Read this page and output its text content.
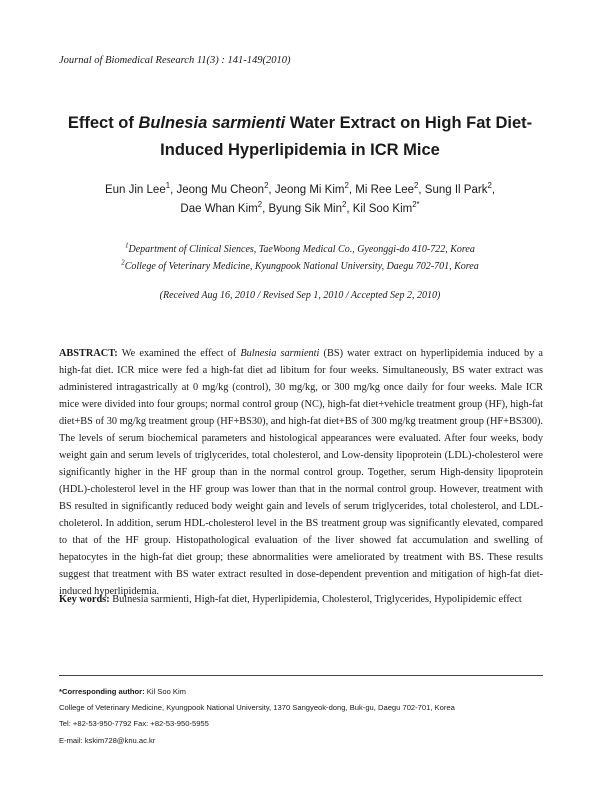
Journal of Biomedical Research 11(3) : 141-149(2010)
Effect of Bulnesia sarmienti Water Extract on High Fat Diet-
Induced Hyperlipidemia in ICR Mice
Eun Jin Lee$^1$, Jeong Mu Cheon$^2$, Jeong Mi Kim$^2$, Mi Ree Lee$^2$, Sung Il Park$^2$,
Dae Whan Kim$^2$, Byung Sik Min$^2$, Kil Soo Kim$^{2*}$
$^1$Department of Clinical Siences, TaeWoong Medical Co., Gyeonggi-do 410-722, Korea
$^2$College of Veterinary Medicine, Kyungpook National University, Daegu 702-701, Korea
(Received Aug 16, 2010 / Revised Sep 1, 2010 / Accepted Sep 2, 2010)
ABSTRACT: We examined the effect of Bulnesia sarmienti (BS) water extract on hyperlipidemia induced by a high-fat diet. ICR mice were fed a high-fat diet ad libitum for four weeks. Simultaneously, BS water extract was administered intragastrically at 0 mg/kg (control), 30 mg/kg, or 300 mg/kg once daily for four weeks. Male ICR mice were divided into four groups; normal control group (NC), high-fat diet+vehicle treatment group (HF), high-fat diet+BS of 30 mg/kg treatment group (HF+BS30), and high-fat diet+BS of 300 mg/kg treatment group (HF+BS300). The levels of serum biochemical parameters and histological appearances were evaluated. After four weeks, body weight gain and serum levels of triglycerides, total cholesterol, and Low-density lipoprotein (LDL)-cholesterol were significantly higher in the HF group than in the normal control group. Together, serum High-density lipoprotein (HDL)-cholesterol level in the HF group was lower than that in the normal control group. However, treatment with BS resulted in significantly reduced body weight gain and levels of serum triglycerides, total cholesterol, and LDL-choleterol. In addition, serum HDL-cholesterol level in the BS treatment group was significantly elevated, compared to that of the HF group. Histopathological evaluation of the liver showed fat accumulation and swelling of hepatocytes in the high-fat diet group; these abnormalities were ameliorated by treatment with BS. These results suggest that treatment with BS water extract resulted in dose-dependent prevention and mitigation of high-fat diet-induced hyperlipidemia.
Key words: Bulnesia sarmienti, High-fat diet, Hyperlipidemia, Cholesterol, Triglycerides, Hypolipidemic effect
*Corresponding author: Kil Soo Kim
College of Veterinary Medicine, Kyungpook National University, 1370 Sangyeok-dong, Buk-gu, Daegu 702-701, Korea
Tel: +82-53-950-7792 Fax: +82-53-950-5955
E-mail: kskim728@knu.ac.kr
